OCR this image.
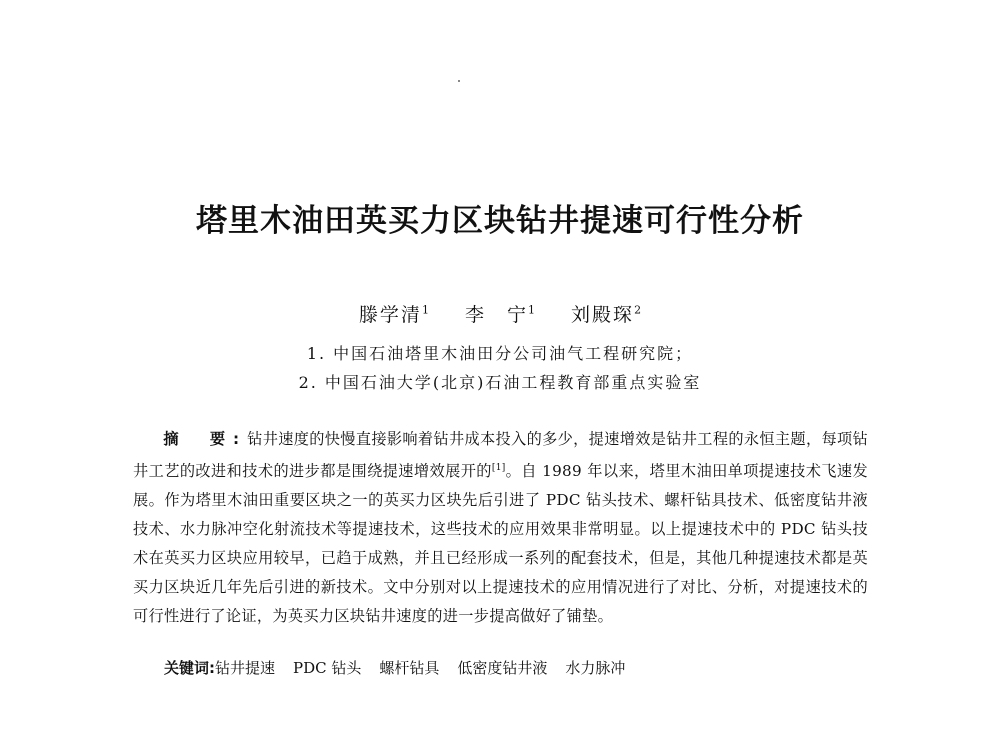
塔里木油田英买力区块钻井提速可行性分析
滕学清$^1$ 李　宁$^1$ 刘殿琛$^2$
1. 中国石油塔里木油田分公司油气工程研究院；
2. 中国石油大学(北京)石油工程教育部重点实验室
摘　要:钻井速度的快慢直接影响着钻井成本投入的多少，提速增效是钻井工程的永恒主题，每项钻井工艺的改进和技术的进步都是围绕提速增效展开的[1]。自 1989 年以来，塔里木油田单项提速技术飞速发展。作为塔里木油田重要区块之一的英买力区块先后引进了 PDC 钻头技术、螺杆钻具技术、低密度钻井液技术、水力脉冲空化射流技术等提速技术，这些技术的应用效果非常明显。以上提速技术中的 PDC 钻头技术在英买力区块应用较早，已趋于成熟，并且已经形成一系列的配套技术，但是，其他几种提速技术都是英买力区块近几年先后引进的新技术。文中分别对以上提速技术的应用情况进行了对比、分析，对提速技术的可行性进行了论证，为英买力区块钻井速度的进一步提高做好了铺垫。
关键词:钻井提速 PDC 钻头 螺杆钻具 低密度钻井液 水力脉冲
